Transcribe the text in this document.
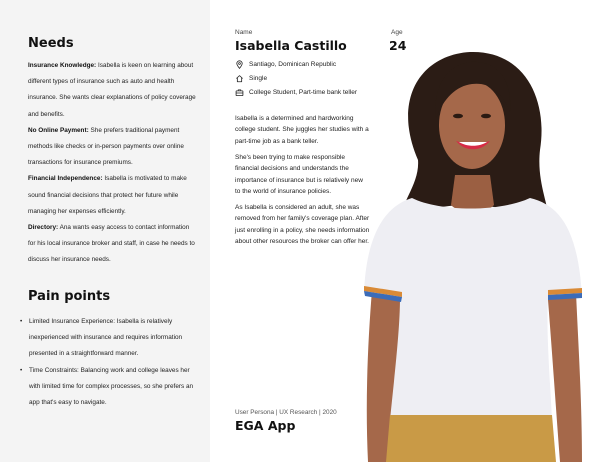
Needs

Insurance Knowledge: Isabella is keen on learning about different types of insurance such as auto and health insurance. She wants clear explanations of policy coverage and benefits.

No Online Payment: She prefers traditional payment methods like checks or in-person payments over online transactions for insurance premiums.

Financial Independence: Isabella is motivated to make sound financial decisions that protect her future while managing her expenses efficiently.

Directory: Ana wants easy access to contact information for his local insurance broker and staff, in case he needs to discuss her insurance needs.

Pain points
• Limited Insurance Experience: Isabella is relatively inexperienced with insurance and requires information presented in a straightforward manner.
• Time Constraints: Balancing work and college leaves her with limited time for complex processes, so she prefers an app that's easy to navigate.
Name
Isabella Castillo
Age
24
Santiago, Dominican Republic
Single
College Student, Part-time bank teller

Isabella is a determined and hardworking college student. She juggles her studies with a part-time job as a bank teller.

She's been trying to make responsible financial decisions and understands the importance of insurance but is relatively new to the world of insurance policies.

As Isabella is considered an adult, she was removed from her family's coverage plan. After just enrolling in a policy, she needs information about other resources the broker can offer her.

User Persona | UX Research | 2020
EGA App
